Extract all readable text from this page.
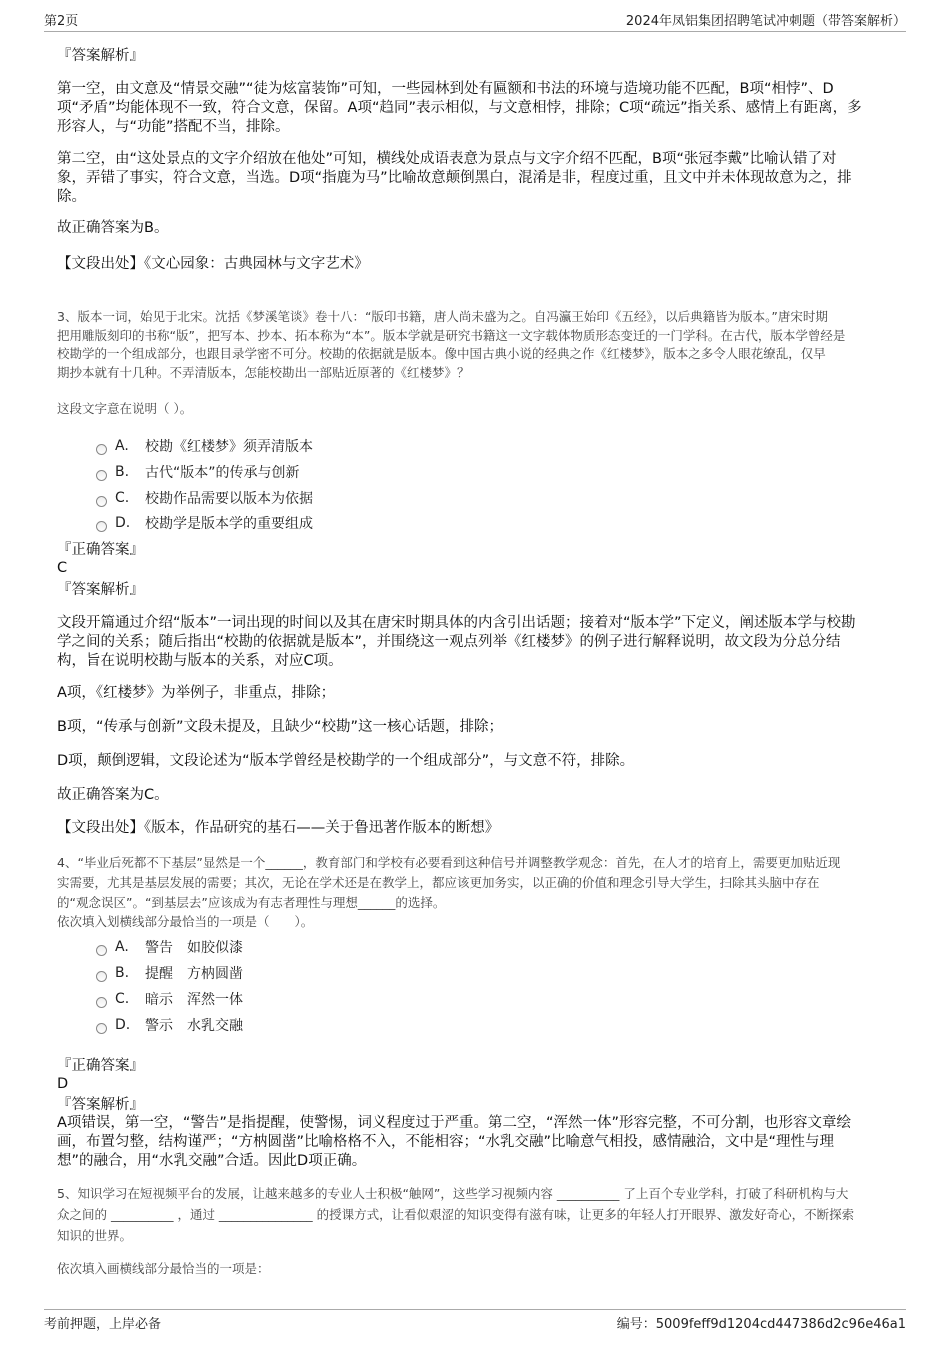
第2页	2024年凤铝集团招聘笔试冲刺题（带答案解析）
『答案解析』
第一空，由文意及“情景交融”“徒为炫富装饰”可知，一些园林到处有匾额和书法的环境与造境功能不匹配，B项“相悖”、D
项“矛盾”均能体现不一致，符合文意，保留。A项“趋同”表示相似，与文意相悖，排除；C项“疏远”指关系、感情上有距离，多
形容人，与“功能”搭配不当，排除。
第二空，由“这处景点的文字介绍放在他处”可知，横线处成语表意为景点与文字介绍不匹配，B项“张冠李戴”比喻认错了对
象，弄错了事实，符合文意，当选。D项“指鹿为马”比喻故意颠倒黑白，混淆是非，程度过重，且文中并未体现故意为之，排
除。
故正确答案为B。
【文段出处】《文心园象：古典园林与文字艺术》
3、版本一词，始见于北宋。沈括《梦溪笔谈》卷十八：“版印书籍，唐人尚未盛为之。自冯瀛王始印《五经》，以后典籍皆为版本。”唐宋时期
把用雕版刻印的书称“版”，把写本、抄本、拓本称为“本”。版本学就是研究书籍这一文字载体物质形态变迁的一门学科。在古代，版本学曾经是
校勘学的一个组成部分，也跟目录学密不可分。校勘的依据就是版本。像中国古典小说的经典之作《红楼梦》，版本之多令人眼花缭乱，仅早
期抄本就有十几种。不弄清版本，怎能校勘出一部贴近原著的《红楼梦》？
这段文字意在说明（ ）。
A.	校勘《红楼梦》须弄清版本
B.	古代“版本”的传承与创新
C.	校勘作品需要以版本为依据
D.	校勘学是版本学的重要组成
『正确答案』
C
『答案解析』
文段开篇通过介绍“版本”一词出现的时间以及其在唐宋时期具体的内含引出话题；接着对“版本学”下定义，阐述版本学与校勘
学之间的关系；随后指出“校勘的依据就是版本”，并围绕这一观点列举《红楼梦》的例子进行解释说明，故文段为分总分结
构，旨在说明校勘与版本的关系，对应C项。
A项，《红楼梦》为举例子，非重点，排除；
B项，“传承与创新”文段未提及，且缺少“校勘”这一核心话题，排除；
D项，颠倒逻辑，文段论述为“版本学曾经是校勘学的一个组成部分”，与文意不符，排除。
故正确答案为C。
【文段出处】《版本，作品研究的基石——关于鲁迅著作版本的断想》
4、“毕业后死都不下基层”显然是一个______，教育部门和学校有必要看到这种信号并调整教学观念：首先，在人才的培育上，需要更加贴近现
实需要，尤其是基层发展的需要；其次，无论在学术还是在教学上，都应该更加务实，以正确的价值和理念引导大学生，扫除其头脑中存在
的“观念误区”。“到基层去”应该成为有志者理性与理想______的选择。
依次填入划横线部分最恰当的一项是（　　）。
A.	警告 如胶似漆
B.	提醒 方枘圆凿
C.	暗示 浑然一体
D.	警示 水乳交融
『正确答案』
D
『答案解析』
A项错误，第一空，“警告”是指提醒，使警惕，词义程度过于严重。第二空，“浑然一体”形容完整，不可分割，也形容文章绘
画，布置匀整，结构谨严；“方枘圆凿”比喻格格不入，不能相容；“水乳交融”比喻意气相投，感情融洽，文中是“理性与理
想”的融合，用“水乳交融”合适。因此D项正确。
5、知识学习在短视频平台的发展，让越来越多的专业人士积极“触网”，这些学习视频内容 __________ 了上百个专业学科，打破了科研机构与大
众之间的 __________ ，通过 _______________ 的授课方式，让看似艰涩的知识变得有滋有味，让更多的年轻人打开眼界、激发好奇心，不断探索
知识的世界。
依次填入画横线部分最恰当的一项是：
考前押题，上岸必备	编号：5009feff9d1204cd447386d2c96e46a1
